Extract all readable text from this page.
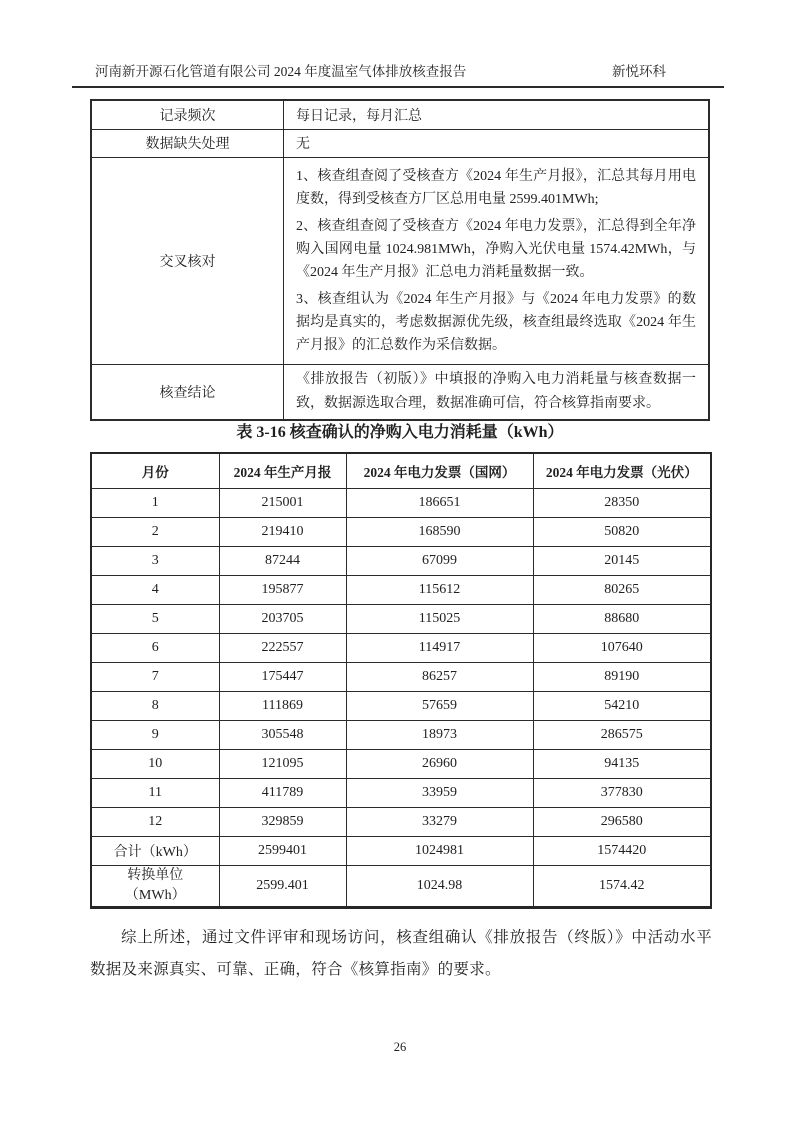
河南新开源石化管道有限公司 2024 年度温室气体排放核查报告	新悦环科
记录频次	每日记录，每月汇总
数据缺失处理	无
交叉核对	1、核查组查阅了受核查方《2024 年生产月报》，汇总其每月用电度数，得到受核查方厂区总用电量 2599.401MWh;

2、核查组查阅了受核查方《2024 年电力发票》，汇总得到全年净购入国网电量 1024.981MWh，净购入光伏电量 1574.42MWh，与《2024 年生产月报》汇总电力消耗量数据一致。

3、核查组认为《2024 年生产月报》与《2024 年电力发票》的数据均是真实的，考虑数据源优先级，核查组最终选取《2024 年生产月报》的汇总数作为采信数据。

核查结论	《排放报告（初版）》中填报的净购入电力消耗量与核查数据一致，数据源选取合理，数据准确可信，符合核算指南要求。
表 3-16 核查确认的净购入电力消耗量（kWh）
月份	2024 年生产月报	2024 年电力发票（国网）	2024 年电力发票（光伏）
1	215001	186651	28350
2	219410	168590	50820
3	87244	67099	20145
4	195877	115612	80265
5	203705	115025	88680
6	222557	114917	107640
7	175447	86257	89190
8	111869	57659	54210
9	305548	18973	286575
10	121095	26960	94135
11	411789	33959	377830
12	329859	33279	296580
合计（kWh）	2599401	1024981	1574420
转换单位
（MWh）	2599.401	1024.98	1574.42

综上所述，通过文件评审和现场访问，核查组确认《排放报告（终版）》中活动水平数据及来源真实、可靠、正确，符合《核算指南》的要求。

26
